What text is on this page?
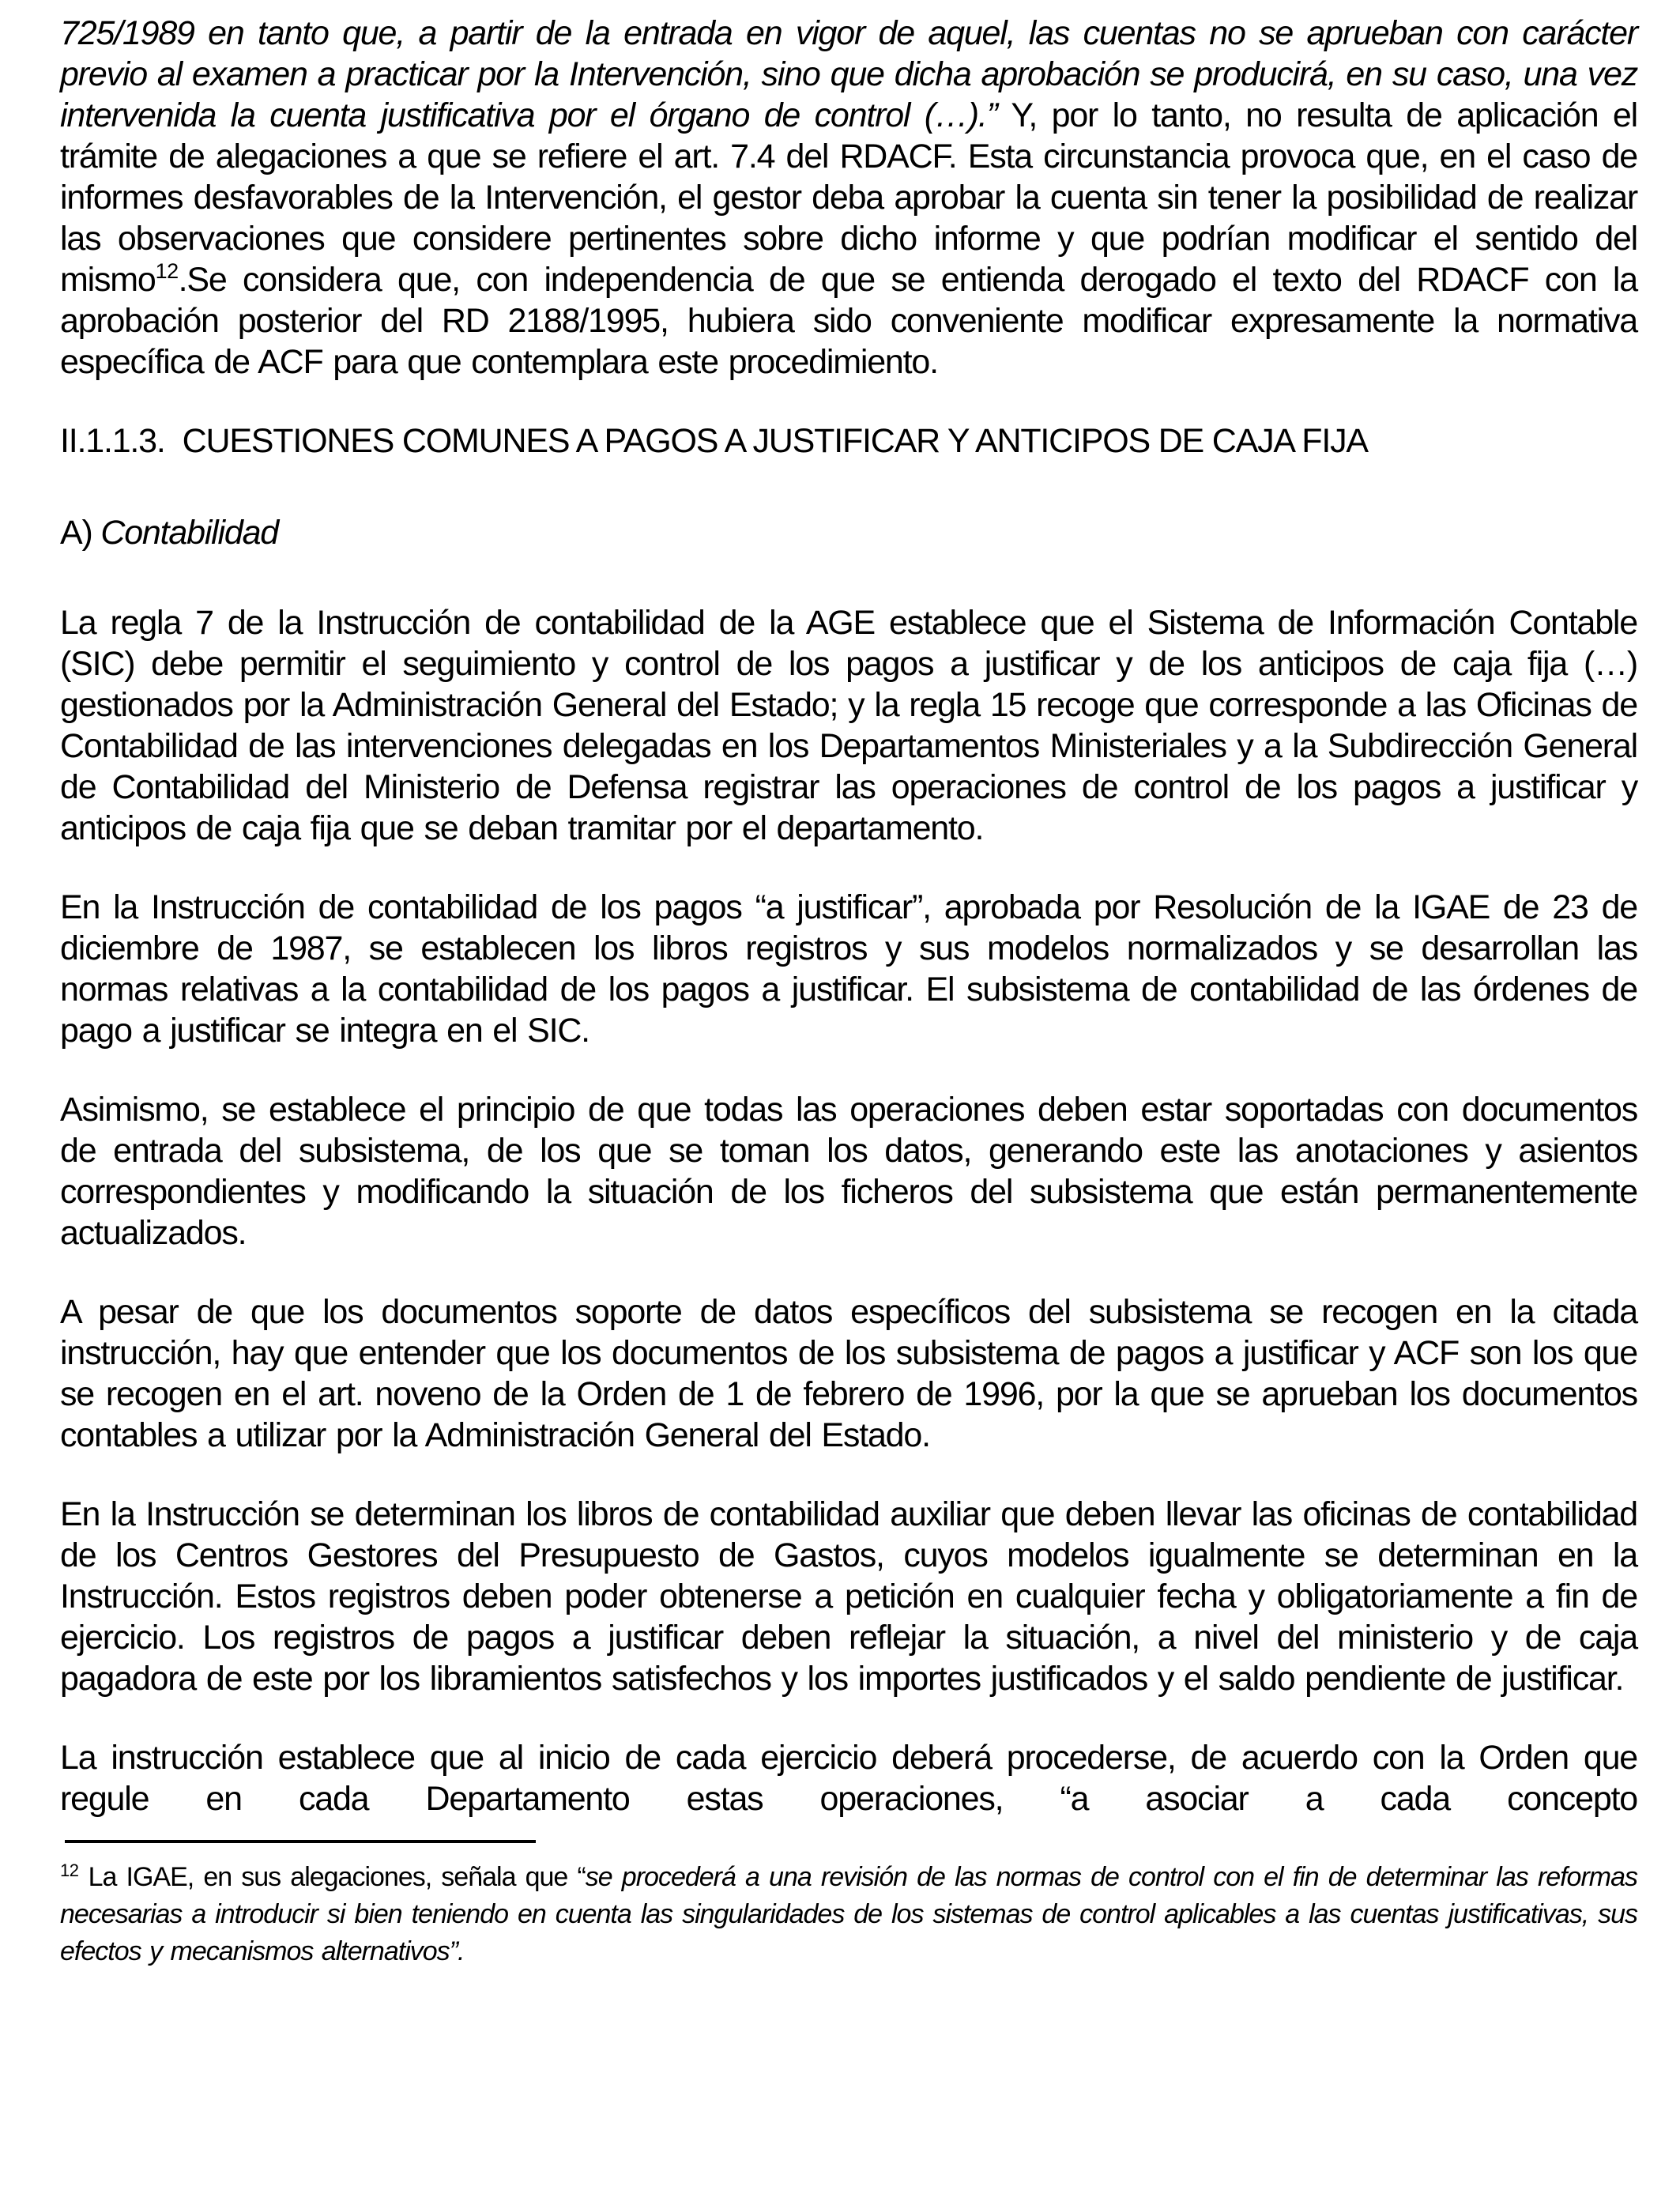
725/1989 en tanto que, a partir de la entrada en vigor de aquel, las cuentas no se aprueban con carácter previo al examen a practicar por la Intervención, sino que dicha aprobación se producirá, en su caso, una vez intervenida la cuenta justificativa por el órgano de control (…).” Y, por lo tanto, no resulta de aplicación el trámite de alegaciones a que se refiere el art. 7.4 del RDACF. Esta circunstancia provoca que, en el caso de informes desfavorables de la Intervención, el gestor deba aprobar la cuenta sin tener la posibilidad de realizar las observaciones que considere pertinentes sobre dicho informe y que podrían modificar el sentido del mismo$^{12}$.Se considera que, con independencia de que se entienda derogado el texto del RDACF con la aprobación posterior del RD 2188/1995, hubiera sido conveniente modificar expresamente la normativa específica de ACF para que contemplara este procedimiento.

II.1.1.3. CUESTIONES COMUNES A PAGOS A JUSTIFICAR Y ANTICIPOS DE CAJA FIJA

A) Contabilidad

La regla 7 de la Instrucción de contabilidad de la AGE establece que el Sistema de Información Contable (SIC) debe permitir el seguimiento y control de los pagos a justificar y de los anticipos de caja fija (…) gestionados por la Administración General del Estado; y la regla 15 recoge que corresponde a las Oficinas de Contabilidad de las intervenciones delegadas en los Departamentos Ministeriales y a la Subdirección General de Contabilidad del Ministerio de Defensa registrar las operaciones de control de los pagos a justificar y anticipos de caja fija que se deban tramitar por el departamento.

En la Instrucción de contabilidad de los pagos “a justificar”, aprobada por Resolución de la IGAE de 23 de diciembre de 1987, se establecen los libros registros y sus modelos normalizados y se desarrollan las normas relativas a la contabilidad de los pagos a justificar. El subsistema de contabilidad de las órdenes de pago a justificar se integra en el SIC.

Asimismo, se establece el principio de que todas las operaciones deben estar soportadas con documentos de entrada del subsistema, de los que se toman los datos, generando este las anotaciones y asientos correspondientes y modificando la situación de los ficheros del subsistema que están permanentemente actualizados.

A pesar de que los documentos soporte de datos específicos del subsistema se recogen en la citada instrucción, hay que entender que los documentos de los subsistema de pagos a justificar y ACF son los que se recogen en el art. noveno de la Orden de 1 de febrero de 1996, por la que se aprueban los documentos contables a utilizar por la Administración General del Estado.

En la Instrucción se determinan los libros de contabilidad auxiliar que deben llevar las oficinas de contabilidad de los Centros Gestores del Presupuesto de Gastos, cuyos modelos igualmente se determinan en la Instrucción. Estos registros deben poder obtenerse a petición en cualquier fecha y obligatoriamente a fin de ejercicio. Los registros de pagos a justificar deben reflejar la situación, a nivel del ministerio y de caja pagadora de este por los libramientos satisfechos y los importes justificados y el saldo pendiente de justificar.

La instrucción establece que al inicio de cada ejercicio deberá procederse, de acuerdo con la Orden que regule en cada Departamento estas operaciones, “a asociar a cada concepto

$^{12}$ La IGAE, en sus alegaciones, señala que “se procederá a una revisión de las normas de control con el fin de determinar las reformas necesarias a introducir si bien teniendo en cuenta las singularidades de los sistemas de control aplicables a las cuentas justificativas, sus efectos y mecanismos alternativos”.
